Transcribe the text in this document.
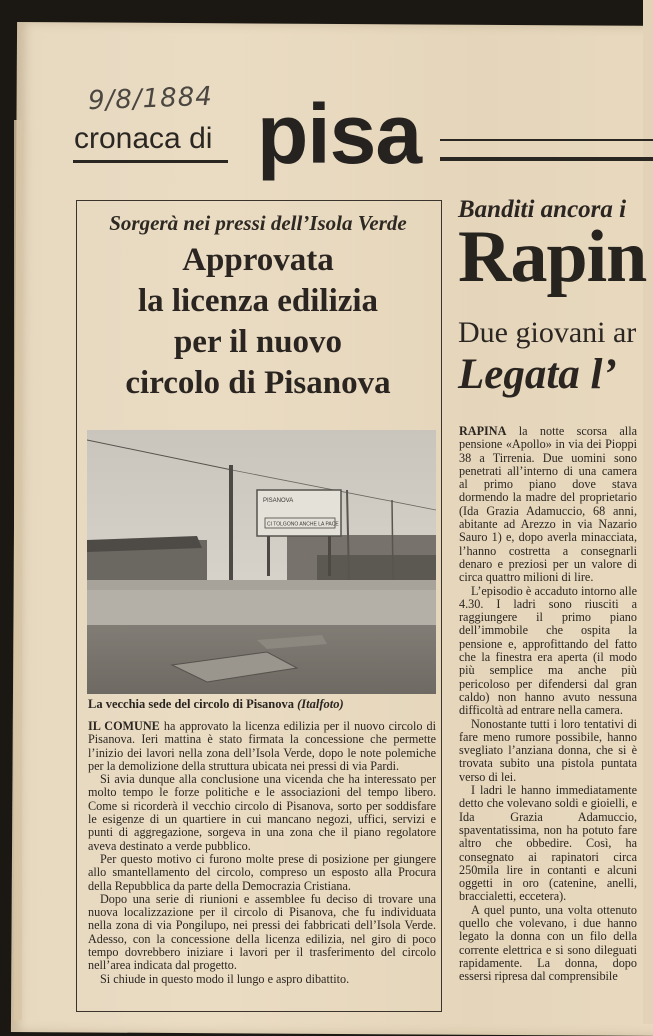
9/8/1884
cronaca di pisa
Sorgerà nei pressi dell’Isola Verde
Approvata
la licenza edilizia
per il nuovo
circolo di Pisanova
PISANOVA
CI TOLGONO ANCHE LA PACE
La vecchia sede del circolo di Pisanova (Italfoto)

IL COMUNE ha approvato la licenza edilizia per il nuovo circolo di Pisanova. Ieri mattina è stato firmata la concessione che permette l’inizio dei lavori nella zona dell’Isola Verde, dopo le note polemiche per la demolizione della struttura ubicata nei pressi di via Pardi.

Si avia dunque alla conclusione una vicenda che ha interessato per molto tempo le forze politiche e le associazioni del tempo libero. Come si ricorderà il vecchio circolo di Pisanova, sorto per soddisfare le esigenze di un quartiere in cui mancano negozi, uffici, servizi e punti di aggregazione, sorgeva in una zona che il piano regolatore aveva destinato a verde pubblico.

Per questo motivo ci furono molte prese di posizione per giungere allo smantellamento del circolo, compreso un esposto alla Procura della Repubblica da parte della Democrazia Cristiana.

Dopo una serie di riunioni e assemblee fu deciso di trovare una nuova localizzazione per il circolo di Pisanova, che fu individuata nella zona di via Pongilupo, nei pressi dei fabbricati dell’Isola Verde. Adesso, con la concessione della licenza edilizia, nel giro di poco tempo dovrebbero iniziare i lavori per il trasferimento del circolo nell’area indicata dal progetto.

Si chiude in questo modo il lungo e aspro dibattito.

Banditi ancora i
Rapin
Due giovani ar
Legata l’

RAPINA la notte scorsa alla pensione «Apollo» in via dei Pioppi 38 a Tirrenia. Due uomini sono penetrati all’interno di una camera al primo piano dove stava dormendo la madre del proprietario (Ida Grazia Adamuccio, 68 anni, abitante ad Arezzo in via Nazario Sauro 1) e, dopo averla minacciata, l’hanno costretta a consegnarli denaro e preziosi per un valore di circa quattro milioni di lire.

L’episodio è accaduto intorno alle 4.30. I ladri sono riusciti a raggiungere il primo piano dell’immobile che ospita la pensione e, approfittando del fatto che la finestra era aperta (il modo più semplice ma anche più pericoloso per difendersi dal gran caldo) non hanno avuto nessuna difficoltà ad entrare nella camera.

Nonostante tutti i loro tentativi di fare meno rumore possibile, hanno svegliato l’anziana donna, che si è trovata subito una pistola puntata verso di lei.

I ladri le hanno immediatamente detto che volevano soldi e gioielli, e Ida Grazia Adamuccio, spaventatissima, non ha potuto fare altro che obbedire. Così, ha consegnato ai rapinatori circa 250mila lire in contanti e alcuni oggetti in oro (catenine, anelli, braccialetti, eccetera).

A quel punto, una volta ottenuto quello che volevano, i due hanno legato la donna con un filo della corrente elettrica e si sono dileguati rapidamente. La donna, dopo essersi ripresa dal comprensibile
